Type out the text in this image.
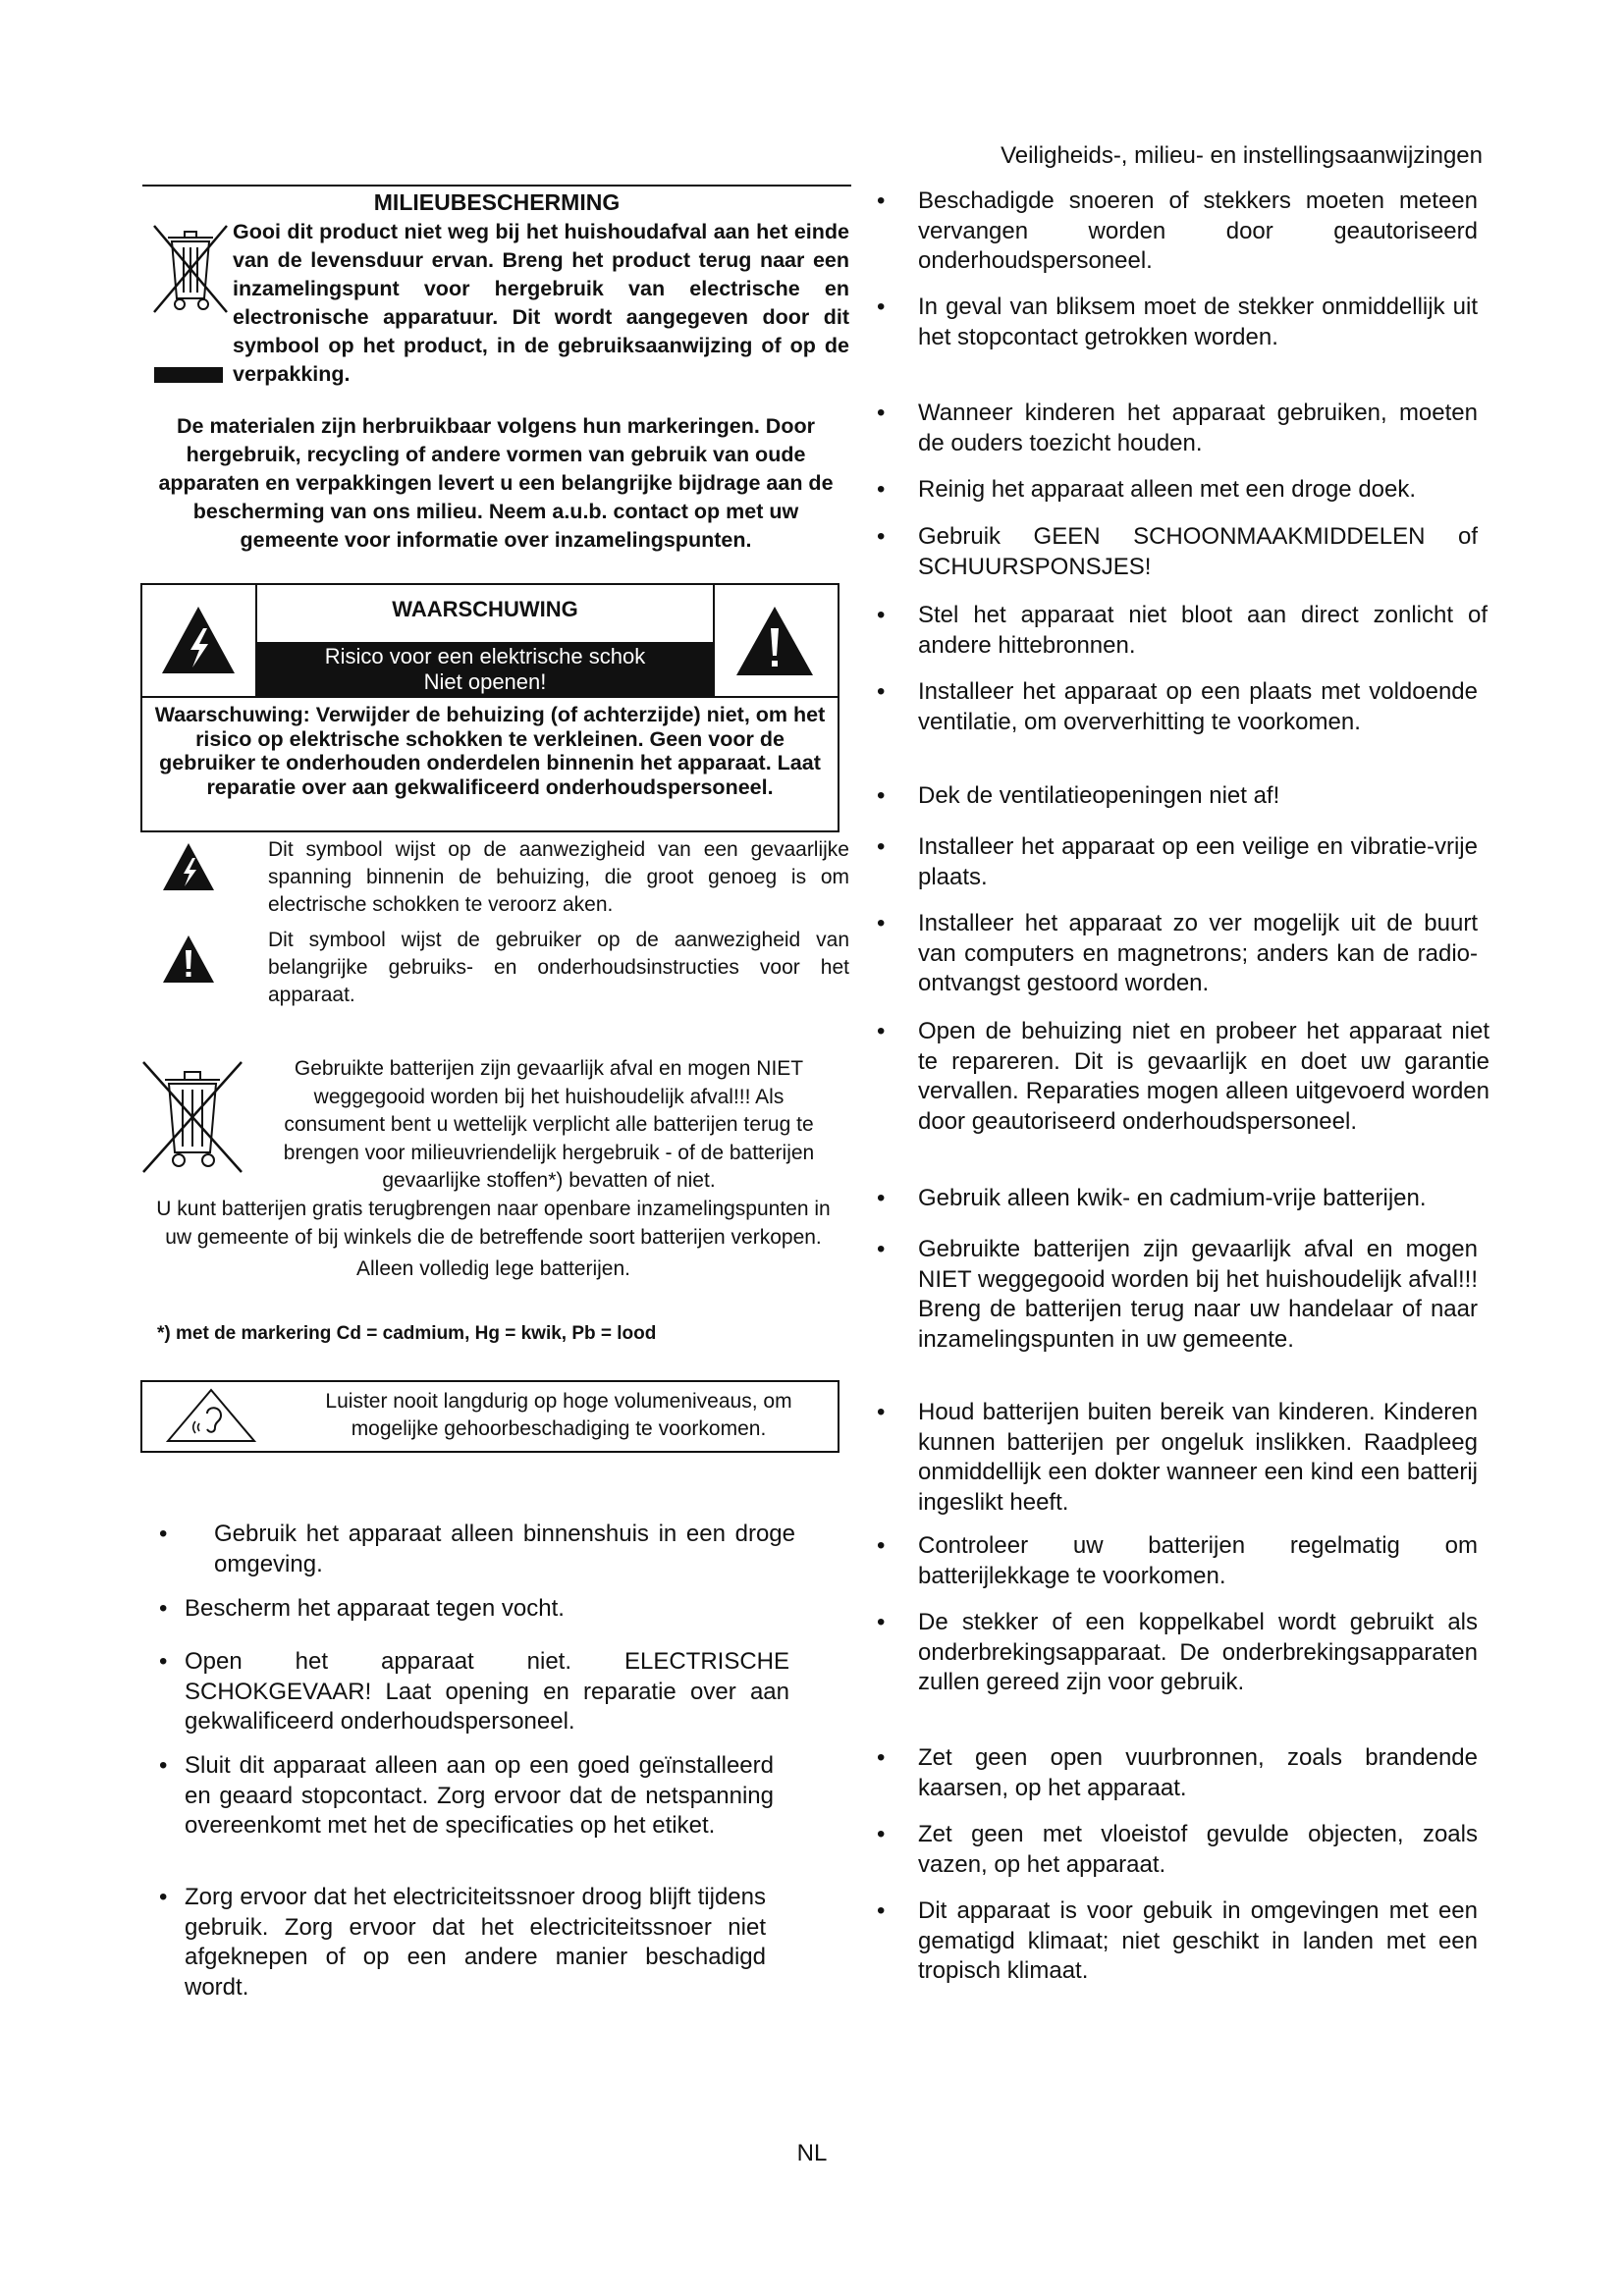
Veiligheids-, milieu- en instellingsaanwijzingen
MILIEUBESCHERMING
Gooi dit product niet weg bij het huishoudafval aan het einde van de levensduur ervan. Breng het product terug naar een inzamelingspunt voor hergebruik van electrische en electronische apparatuur. Dit wordt aangegeven door dit symbool op het product, in de gebruiksaanwijzing of op de verpakking.
De materialen zijn herbruikbaar volgens hun markeringen. Door hergebruik, recycling of andere vormen van gebruik van oude apparaten en verpakkingen levert u een belangrijke bijdrage aan de bescherming van ons milieu. Neem a.u.b. contact op met uw gemeente voor informatie over inzamelingspunten.
WAARSCHUWING
Risico voor een elektrische schok
Niet openen!
Waarschuwing: Verwijder de behuizing (of achterzijde) niet, om het risico op elektrische schokken te verkleinen. Geen voor de gebruiker te onderhouden onderdelen binnenin het apparaat. Laat reparatie over aan gekwalificeerd onderhoudspersoneel.
Dit symbool wijst op de aanwezigheid van een gevaarlijke spanning binnenin de behuizing, die groot genoeg is om electrische schokken te veroorz aken.
Dit symbool wijst de gebruiker op de aanwezigheid van belangrijke gebruiks- en onderhoudsinstructies voor het apparaat.
Gebruikte batterijen zijn gevaarlijk afval en mogen NIET weggegooid worden bij het huishoudelijk afval!!! Als consument bent u wettelijk verplicht alle batterijen terug te brengen voor milieuvriendelijk hergebruik - of de batterijen gevaarlijke stoffen*) bevatten of niet.
U kunt batterijen gratis terugbrengen naar openbare inzamelingspunten in uw gemeente of bij winkels die de betreffende soort batterijen verkopen.
Alleen volledig lege batterijen.
*) met de markering Cd = cadmium, Hg = kwik, Pb = lood
Luister nooit langdurig op hoge volumeniveaus, om mogelijke gehoorbeschadiging te voorkomen.
• Gebruik het apparaat alleen binnenshuis in een droge omgeving.
• Bescherm het apparaat tegen vocht.
• Open het apparaat niet. ELECTRISCHE SCHOKGEVAAR! Laat opening en reparatie over aan gekwalificeerd onderhoudspersoneel.
• Sluit dit apparaat alleen aan op een goed geïnstalleerd en geaard stopcontact. Zorg ervoor dat de netspanning overeenkomt met het de specificaties op het etiket.
• Zorg ervoor dat het electriciteitssnoer droog blijft tijdens gebruik. Zorg ervoor dat het electriciteitssnoer niet afgeknepen of op een andere manier beschadigd wordt.
• Beschadigde snoeren of stekkers moeten meteen vervangen worden door geautoriseerd onderhoudspersoneel.
• In geval van bliksem moet de stekker onmiddellijk uit het stopcontact getrokken worden.
• Wanneer kinderen het apparaat gebruiken, moeten de ouders toezicht houden.
• Reinig het apparaat alleen met een droge doek.
• Gebruik GEEN SCHOONMAAKMIDDELEN of SCHUURSPONSJES!
• Stel het apparaat niet bloot aan direct zonlicht of andere hittebronnen.
• Installeer het apparaat op een plaats met voldoende ventilatie, om oververhitting te voorkomen.
• Dek de ventilatieopeningen niet af!
• Installeer het apparaat op een veilige en vibratie-vrije plaats.
• Installeer het apparaat zo ver mogelijk uit de buurt van computers en magnetrons; anders kan de radio-ontvangst gestoord worden.
• Open de behuizing niet en probeer het apparaat niet te repareren. Dit is gevaarlijk en doet uw garantie vervallen. Reparaties mogen alleen uitgevoerd worden door geautoriseerd onderhoudspersoneel.
• Gebruik alleen kwik- en cadmium-vrije batterijen.
• Gebruikte batterijen zijn gevaarlijk afval en mogen NIET weggegooid worden bij het huishoudelijk afval!!! Breng de batterijen terug naar uw handelaar of naar inzamelingspunten in uw gemeente.
• Houd batterijen buiten bereik van kinderen. Kinderen kunnen batterijen per ongeluk inslikken. Raadpleeg onmiddellijk een dokter wanneer een kind een batterij ingeslikt heeft.
• Controleer uw batterijen regelmatig om batterijlekkage te voorkomen.
• De stekker of een koppelkabel wordt gebruikt als onderbrekingsapparaat. De onderbrekingsapparaten zullen gereed zijn voor gebruik.
• Zet geen open vuurbronnen, zoals brandende kaarsen, op het apparaat.
• Zet geen met vloeistof gevulde objecten, zoals vazen, op het apparaat.
• Dit apparaat is voor gebuik in omgevingen met een gematigd klimaat; niet geschikt in landen met een tropisch klimaat.
NL
